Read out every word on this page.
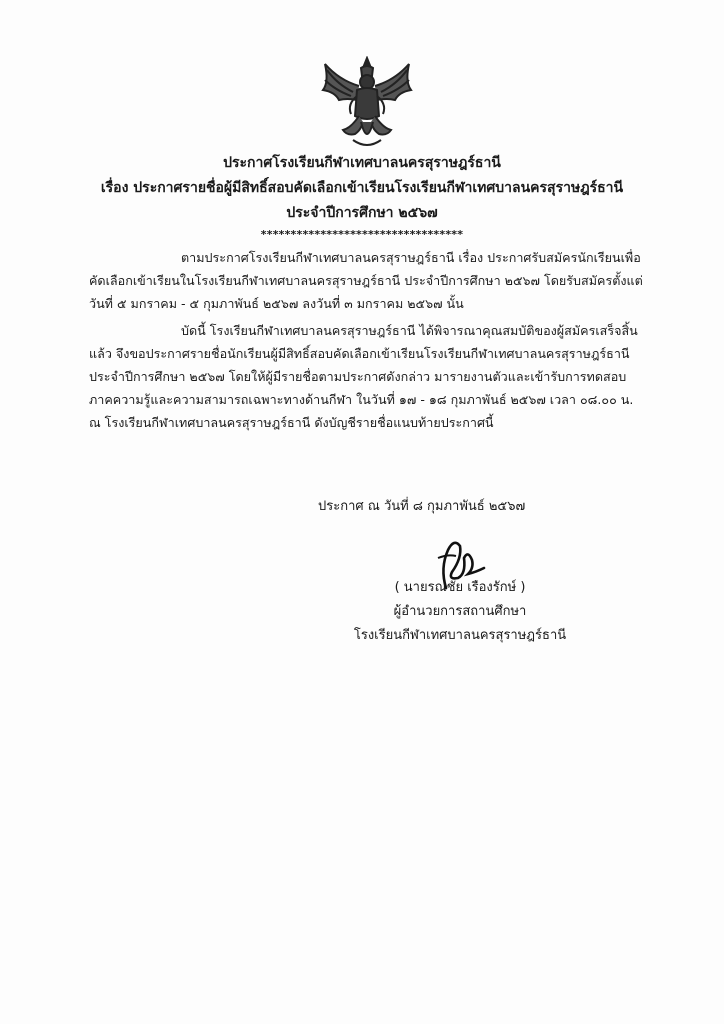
ประกาศโรงเรียนกีฬาเทศบาลนครสุราษฎร์ธานี
เรื่อง ประกาศรายชื่อผู้มีสิทธิ์สอบคัดเลือกเข้าเรียนโรงเรียนกีฬาเทศบาลนครสุราษฎร์ธานี
ประจำปีการศึกษา ๒๕๖๗
**********************************

ตามประกาศโรงเรียนกีฬาเทศบาลนครสุราษฎร์ธานี เรื่อง ประกาศรับสมัครนักเรียนเพื่อ
คัดเลือกเข้าเรียนในโรงเรียนกีฬาเทศบาลนครสุราษฎร์ธานี ประจำปีการศึกษา ๒๕๖๗ โดยรับสมัครตั้งแต่
วันที่ ๕ มกราคม - ๕ กุมภาพันธ์ ๒๕๖๗ ลงวันที่ ๓ มกราคม ๒๕๖๗ นั้น

บัดนี้ โรงเรียนกีฬาเทศบาลนครสุราษฎร์ธานี ได้พิจารณาคุณสมบัติของผู้สมัครเสร็จสิ้น
แล้ว จึงขอประกาศรายชื่อนักเรียนผู้มีสิทธิ์สอบคัดเลือกเข้าเรียนโรงเรียนกีฬาเทศบาลนครสุราษฎร์ธานี
ประจำปีการศึกษา ๒๕๖๗ โดยให้ผู้มีรายชื่อตามประกาศดังกล่าว มารายงานตัวและเข้ารับการทดสอบ
ภาคความรู้และความสามารถเฉพาะทางด้านกีฬา ในวันที่ ๑๗ - ๑๘ กุมภาพันธ์ ๒๕๖๗ เวลา ๐๘.๐๐ น.
ณ โรงเรียนกีฬาเทศบาลนครสุราษฎร์ธานี ดังบัญชีรายชื่อแนบท้ายประกาศนี้

ประกาศ ณ วันที่ ๘ กุมภาพันธ์ ๒๕๖๗
( นายรณชัย เรืองรักษ์ )
ผู้อำนวยการสถานศึกษา
โรงเรียนกีฬาเทศบาลนครสุราษฎร์ธานี
